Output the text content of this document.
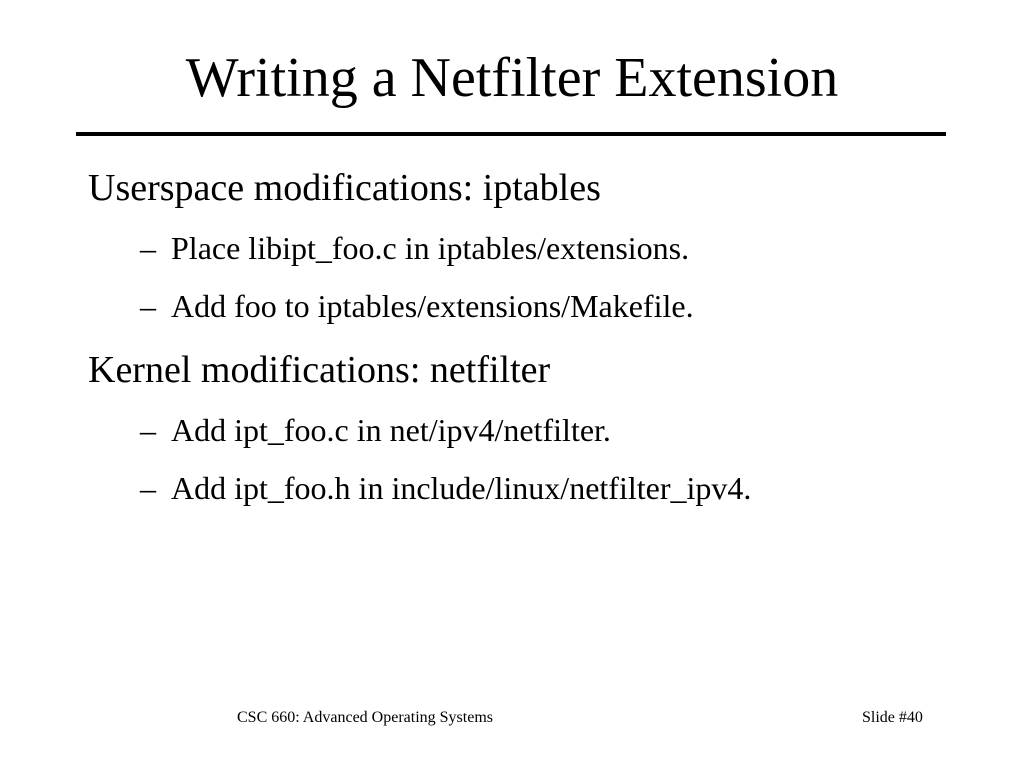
Writing a Netfilter Extension
Userspace modifications: iptables
– Place libipt_foo.c in iptables/extensions.
– Add foo to iptables/extensions/Makefile.
Kernel modifications: netfilter
– Add ipt_foo.c in net/ipv4/netfilter.
– Add ipt_foo.h in include/linux/netfilter_ipv4.
CSC 660: Advanced Operating Systems	Slide #40
